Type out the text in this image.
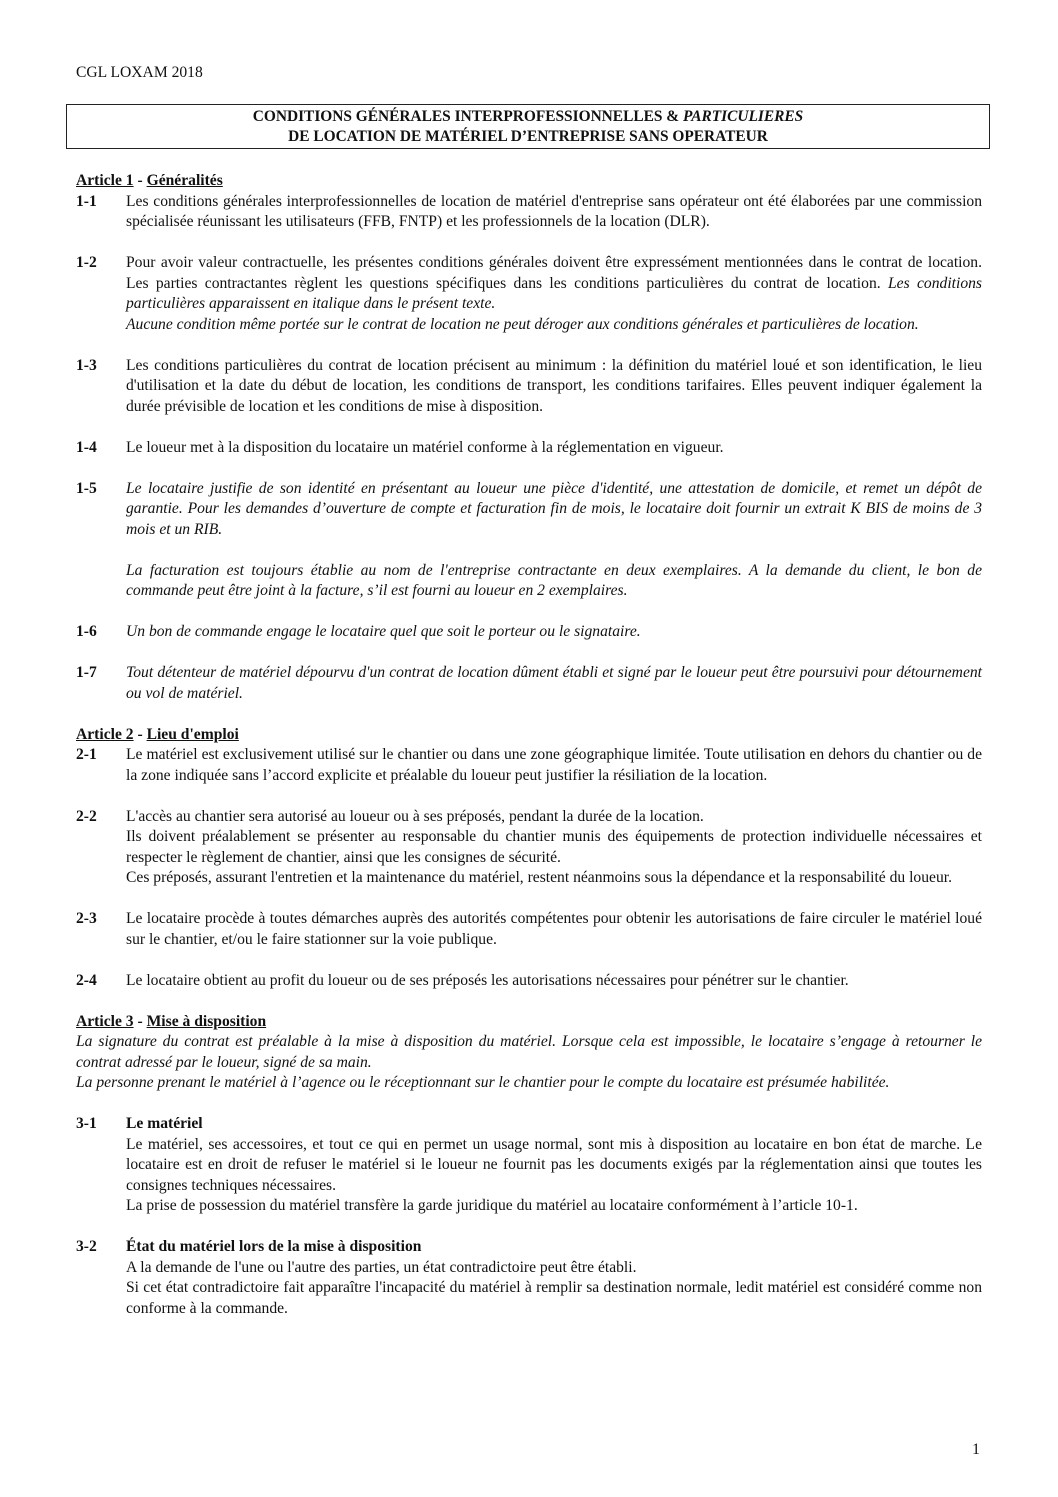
CGL LOXAM 2018
CONDITIONS GÉNÉRALES INTERPROFESSIONNELLES & PARTICULIERES
DE LOCATION DE MATÉRIEL D’ENTREPRISE SANS OPERATEUR
Article 1 - Généralités
1-1	Les conditions générales interprofessionnelles de location de matériel d'entreprise sans opérateur ont été élaborées par une commission spécialisée réunissant les utilisateurs (FFB, FNTP) et les professionnels de la location (DLR).
1-2	Pour avoir valeur contractuelle, les présentes conditions générales doivent être expressément mentionnées dans le contrat de location. Les parties contractantes règlent les questions spécifiques dans les conditions particulières du contrat de location. Les conditions particulières apparaissent en italique dans le présent texte.
Aucune condition même portée sur le contrat de location ne peut déroger aux conditions générales et particulières de location.
1-3	Les conditions particulières du contrat de location précisent au minimum : la définition du matériel loué et son identification, le lieu d'utilisation et la date du début de location, les conditions de transport, les conditions tarifaires. Elles peuvent indiquer également la durée prévisible de location et les conditions de mise à disposition.
1-4	Le loueur met à la disposition du locataire un matériel conforme à la réglementation en vigueur.
1-5	Le locataire justifie de son identité en présentant au loueur une pièce d'identité, une attestation de domicile, et remet un dépôt de garantie. Pour les demandes d’ouverture de compte et facturation fin de mois, le locataire doit fournir un extrait K BIS de moins de 3 mois et un RIB.
La facturation est toujours établie au nom de l'entreprise contractante en deux exemplaires. A la demande du client, le bon de commande peut être joint à la facture, s’il est fourni au loueur en 2 exemplaires.
1-6	Un bon de commande engage le locataire quel que soit le porteur ou le signataire.
1-7	Tout détenteur de matériel dépourvu d'un contrat de location dûment établi et signé par le loueur peut être poursuivi pour détournement ou vol de matériel.
Article 2 - Lieu d'emploi
2-1	Le matériel est exclusivement utilisé sur le chantier ou dans une zone géographique limitée. Toute utilisation en dehors du chantier ou de la zone indiquée sans l’accord explicite et préalable du loueur peut justifier la résiliation de la location.
2-2	L'accès au chantier sera autorisé au loueur ou à ses préposés, pendant la durée de la location.
Ils doivent préalablement se présenter au responsable du chantier munis des équipements de protection individuelle nécessaires et respecter le règlement de chantier, ainsi que les consignes de sécurité.
Ces préposés, assurant l'entretien et la maintenance du matériel, restent néanmoins sous la dépendance et la responsabilité du loueur.
2-3	Le locataire procède à toutes démarches auprès des autorités compétentes pour obtenir les autorisations de faire circuler le matériel loué sur le chantier, et/ou le faire stationner sur la voie publique.
2-4	Le locataire obtient au profit du loueur ou de ses préposés les autorisations nécessaires pour pénétrer sur le chantier.
Article 3 - Mise à disposition
La signature du contrat est préalable à la mise à disposition du matériel. Lorsque cela est impossible, le locataire s’engage à retourner le contrat adressé par le loueur, signé de sa main.
La personne prenant le matériel à l’agence ou le réceptionnant sur le chantier pour le compte du locataire est présumée habilitée.
3-1	Le matériel
Le matériel, ses accessoires, et tout ce qui en permet un usage normal, sont mis à disposition au locataire en bon état de marche. Le locataire est en droit de refuser le matériel si le loueur ne fournit pas les documents exigés par la réglementation ainsi que toutes les consignes techniques nécessaires.
La prise de possession du matériel transfère la garde juridique du matériel au locataire conformément à l’article 10-1.
3-2	État du matériel lors de la mise à disposition
A la demande de l'une ou l'autre des parties, un état contradictoire peut être établi.
Si cet état contradictoire fait apparaître l'incapacité du matériel à remplir sa destination normale, ledit matériel est considéré comme non conforme à la commande.
1
